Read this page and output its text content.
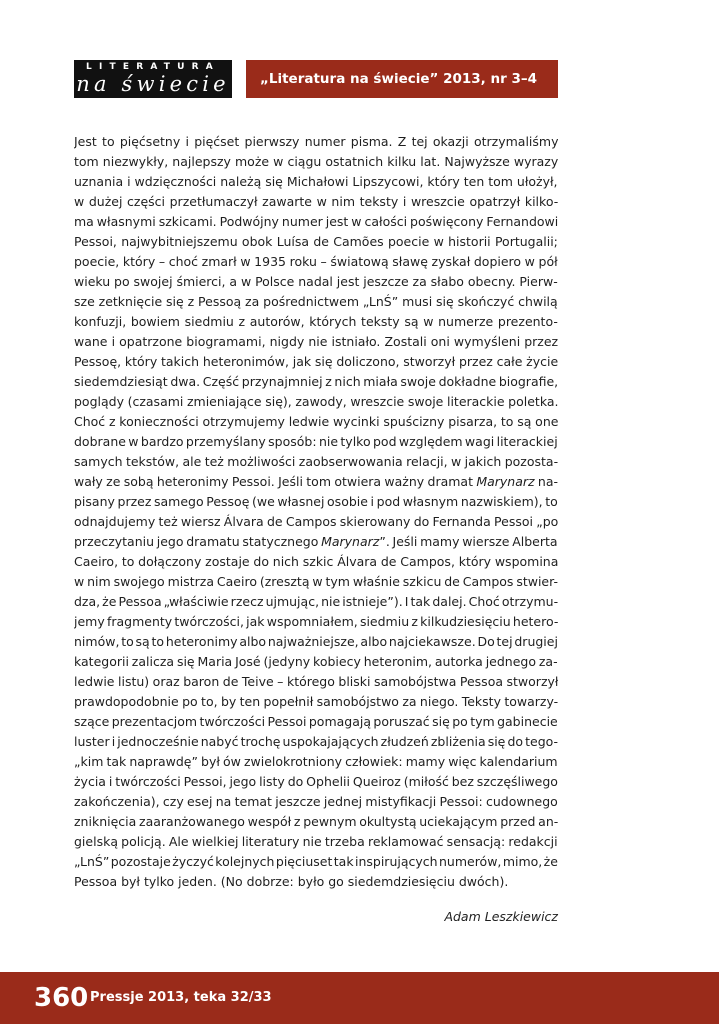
LITERATURA
na świecie	„Literatura na świecie” 2013, nr 3–4
Jest to pięćsetny i pięćset pierwszy numer pisma. Z tej okazji otrzymaliśmy
tom niezwykły, najlepszy może w ciągu ostatnich kilku lat. Najwyższe wyrazy
uznania i wdzięczności należą się Michałowi Lipszycowi, który ten tom ułożył,
w dużej części przetłumaczył zawarte w nim teksty i wreszcie opatrzył kilko-
ma własnymi szkicami. Podwójny numer jest w całości poświęcony Fernandowi
Pessoi, najwybitniejszemu obok Luísa de Camões poecie w historii Portugalii;
poecie, który – choć zmarł w 1935 roku – światową sławę zyskał dopiero w pół
wieku po swojej śmierci, a w Polsce nadal jest jeszcze za słabo obecny. Pierw-
sze zetknięcie się z Pessoą za pośrednictwem „LnŚ” musi się skończyć chwilą
konfuzji, bowiem siedmiu z autorów, których teksty są w numerze prezento-
wane i opatrzone biogramami, nigdy nie istniało. Zostali oni wymyśleni przez
Pessoę, który takich heteronimów, jak się doliczono, stworzył przez całe życie
siedemdziesiąt dwa. Część przynajmniej z nich miała swoje dokładne biografie,
poglądy (czasami zmieniające się), zawody, wreszcie swoje literackie poletka.
Choć z konieczności otrzymujemy ledwie wycinki spuścizny pisarza, to są one
dobrane w bardzo przemyślany sposób: nie tylko pod względem wagi literackiej
samych tekstów, ale też możliwości zaobserwowania relacji, w jakich pozosta-
wały ze sobą heteronimy Pessoi. Jeśli tom otwiera ważny dramat Marynarz na-
pisany przez samego Pessoę (we własnej osobie i pod własnym nazwiskiem), to
odnajdujemy też wiersz Álvara de Campos skierowany do Fernanda Pessoi „po
przeczytaniu jego dramatu statycznego Marynarz”. Jeśli mamy wiersze Alberta
Caeiro, to dołączony zostaje do nich szkic Álvara de Campos, który wspomina
w nim swojego mistrza Caeiro (zresztą w tym właśnie szkicu de Campos stwier-
dza, że Pessoa „właściwie rzecz ujmując, nie istnieje”). I tak dalej. Choć otrzymu-
jemy fragmenty twórczości, jak wspomniałem, siedmiu z kilkudziesięciu hetero-
nimów, to są to heteronimy albo najważniejsze, albo najciekawsze. Do tej drugiej
kategorii zalicza się Maria José (jedyny kobiecy heteronim, autorka jednego za-
ledwie listu) oraz baron de Teive – którego bliski samobójstwa Pessoa stworzył
prawdopodobnie po to, by ten popełnił samobójstwo za niego. Teksty towarzy-
szące prezentacjom twórczości Pessoi pomagają poruszać się po tym gabinecie
luster i jednocześnie nabyć trochę uspokajających złudzeń zbliżenia się do tego-
„kim tak naprawdę” był ów zwielokrotniony człowiek: mamy więc kalendarium
życia i twórczości Pessoi, jego listy do Ophelii Queiroz (miłość bez szczęśliwego
zakończenia), czy esej na temat jeszcze jednej mistyfikacji Pessoi: cudownego
zniknięcia zaaranżowanego wespół z pewnym okultystą uciekającym przed an-
gielską policją. Ale wielkiej literatury nie trzeba reklamować sensacją: redakcji
„LnŚ” pozostaje życzyć kolejnych pięciuset tak inspirujących numerów, mimo, że
Pessoa był tylko jeden. (No dobrze: było go siedemdziesięciu dwóch).
Adam Leszkiewicz
360 Pressje 2013, teka 32/33
